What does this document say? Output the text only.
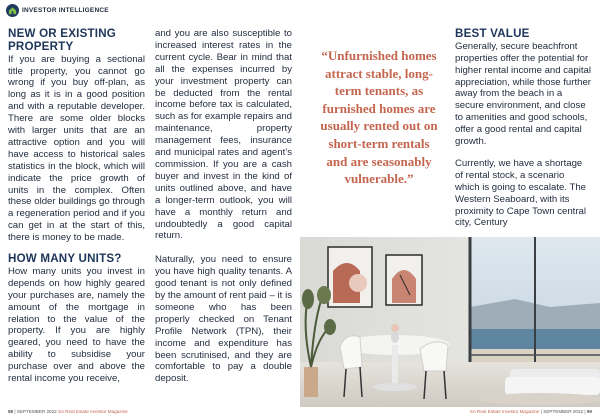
INVESTOR INTELLIGENCE
NEW OR EXISTING PROPERTY

If you are buying a sectional title property, you cannot go wrong if you buy off-plan, as long as it is in a good position and with a reputable developer. There are some older blocks with larger units that are an attractive option and you will have access to historical sales statistics in the block, which will indicate the price growth of units in the complex. Often these older buildings go through a regeneration period and if you can get in at the start of this, there is money to be made.

HOW MANY UNITS?

How many units you invest in depends on how highly geared your purchases are, namely the amount of the mortgage in relation to the value of the property. If you are highly geared, you need to have the ability to subsidise your purchase over and above the rental income you receive,

and you are also susceptible to increased interest rates in the current cycle. Bear in mind that all the expenses incurred by your investment property can be deducted from the rental income before tax is calculated, such as for example repairs and maintenance, property management fees, insurance and municipal rates and agent’s commission. If you are a cash buyer and invest in the kind of units outlined above, and have a longer-term outlook, you will have a monthly return and undoubtedly a good capital return.

Naturally, you need to ensure you have high quality tenants. A good tenant is not only defined by the amount of rent paid – it is someone who has been properly checked on Tenant Profile Network (TPN), their income and expenditure has been scrutinised, and they are comfortable to pay a double deposit.

“Unfurnished homes attract stable, long-term tenants, as furnished homes are usually rented out on short-term rentals and are seasonably vulnerable.”
BEST VALUE

Generally, secure beachfront properties offer the potential for higher rental income and capital appreciation, while those further away from the beach in a secure environment, and close to amenities and good schools, offer a good rental and capital growth.

Currently, we have a shortage of rental stock, a scenario which is going to escalate. The Western Seaboard, with its proximity to Cape Town central city, Century

98 | SEPTEMBER 2022 SA Real Estate Investor Magazine	SA Real Estate Investor Magazine | SEPTEMBER 2022 | 99
